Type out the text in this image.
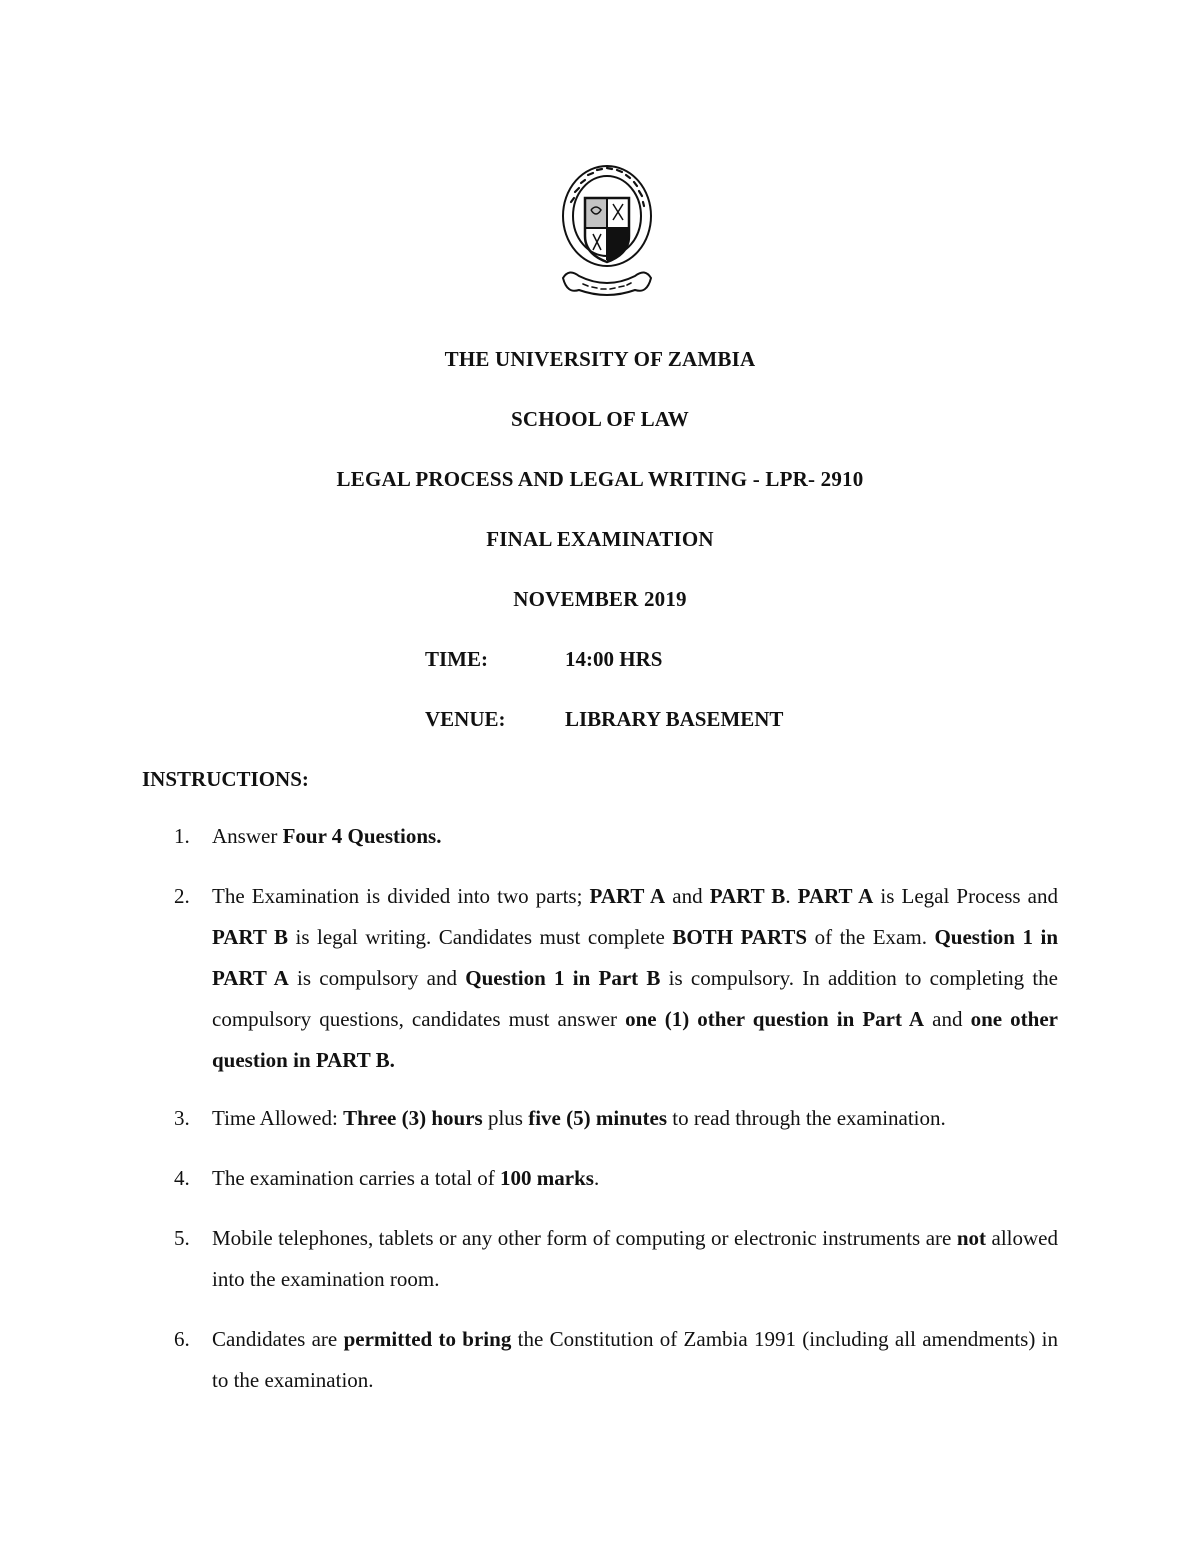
THE UNIVERSITY OF ZAMBIA
SCHOOL OF LAW
LEGAL PROCESS AND LEGAL WRITING - LPR- 2910
FINAL EXAMINATION
NOVEMBER 2019
TIME:	14:00 HRS
VENUE:	LIBRARY BASEMENT
INSTRUCTIONS:
1.	Answer Four 4 Questions.
2.	The Examination is divided into two parts; PART A and PART B. PART A is Legal Process and PART B is legal writing. Candidates must complete BOTH PARTS of the Exam. Question 1 in PART A is compulsory and Question 1 in Part B is compulsory. In addition to completing the compulsory questions, candidates must answer one (1) other question in Part A and one other question in PART B.
3.	Time Allowed: Three (3) hours plus five (5) minutes to read through the examination.
4.	The examination carries a total of 100 marks.
5.	Mobile telephones, tablets or any other form of computing or electronic instruments are not allowed into the examination room.
6.	Candidates are permitted to bring the Constitution of Zambia 1991 (including all amendments) in to the examination.
